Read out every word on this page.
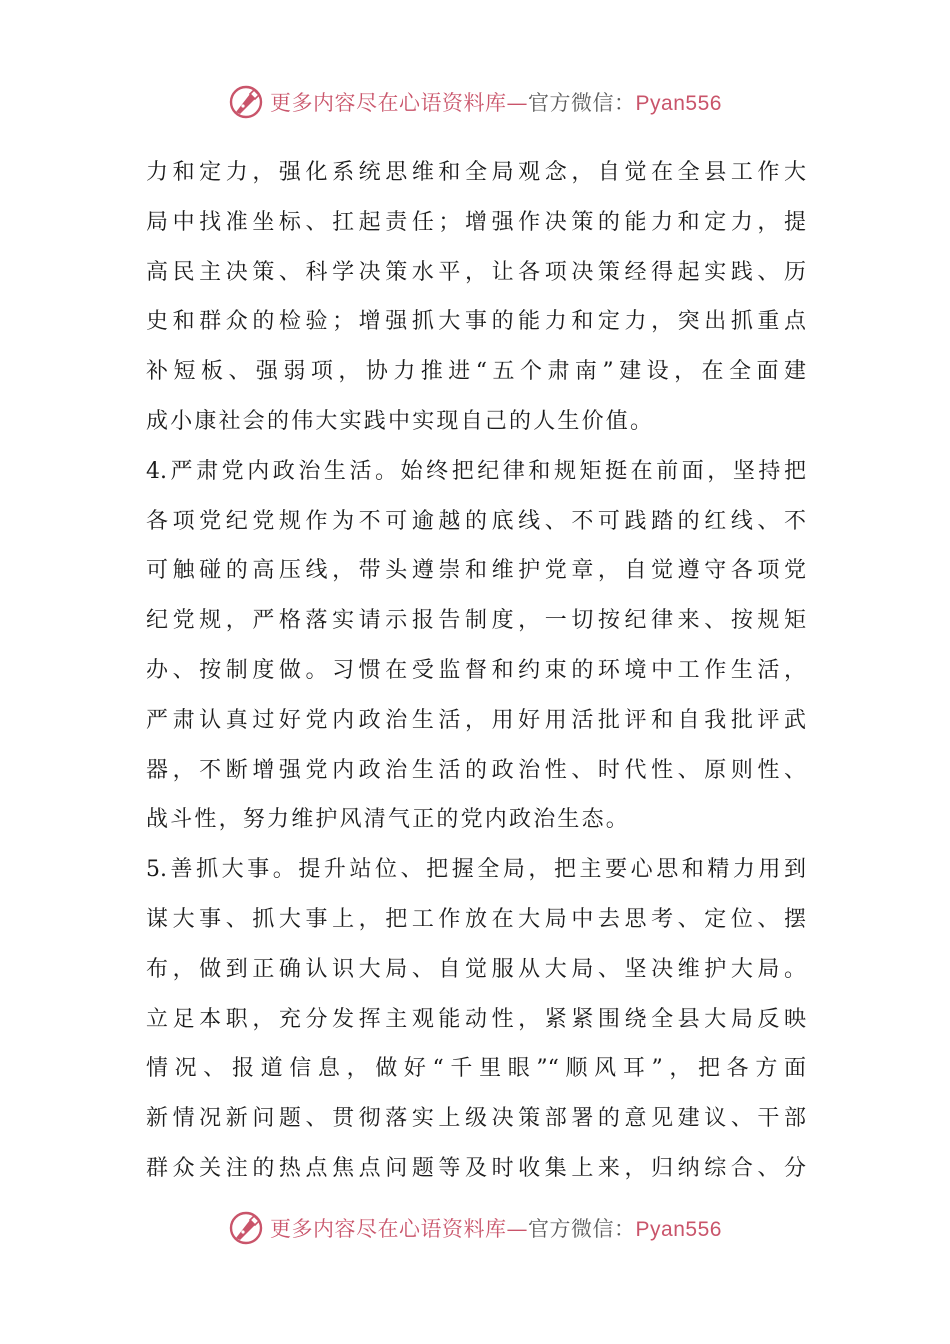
更多内容尽在心语资料库—官方微信：Pyan556
力和定力，强化系统思维和全局观念，自觉在全县工作大
局中找准坐标、扛起责任；增强作决策的能力和定力，提
高民主决策、科学决策水平，让各项决策经得起实践、历
史和群众的检验；增强抓大事的能力和定力，突出抓重点
补短板、强弱项，协力推进“五个肃南”建设，在全面建
成小康社会的伟大实践中实现自己的人生价值。
4.严肃党内政治生活。始终把纪律和规矩挺在前面，坚持把
各项党纪党规作为不可逾越的底线、不可践踏的红线、不
可触碰的高压线，带头遵崇和维护党章，自觉遵守各项党
纪党规，严格落实请示报告制度，一切按纪律来、按规矩
办、按制度做。习惯在受监督和约束的环境中工作生活，
严肃认真过好党内政治生活，用好用活批评和自我批评武
器，不断增强党内政治生活的政治性、时代性、原则性、
战斗性，努力维护风清气正的党内政治生态。
5.善抓大事。提升站位、把握全局，把主要心思和精力用到
谋大事、抓大事上，把工作放在大局中去思考、定位、摆
布，做到正确认识大局、自觉服从大局、坚决维护大局。
立足本职，充分发挥主观能动性，紧紧围绕全县大局反映
情况、报道信息，做好“千里眼”“顺风耳”，把各方面
新情况新问题、贯彻落实上级决策部署的意见建议、干部
群众关注的热点焦点问题等及时收集上来，归纳综合、分
更多内容尽在心语资料库—官方微信：Pyan556
